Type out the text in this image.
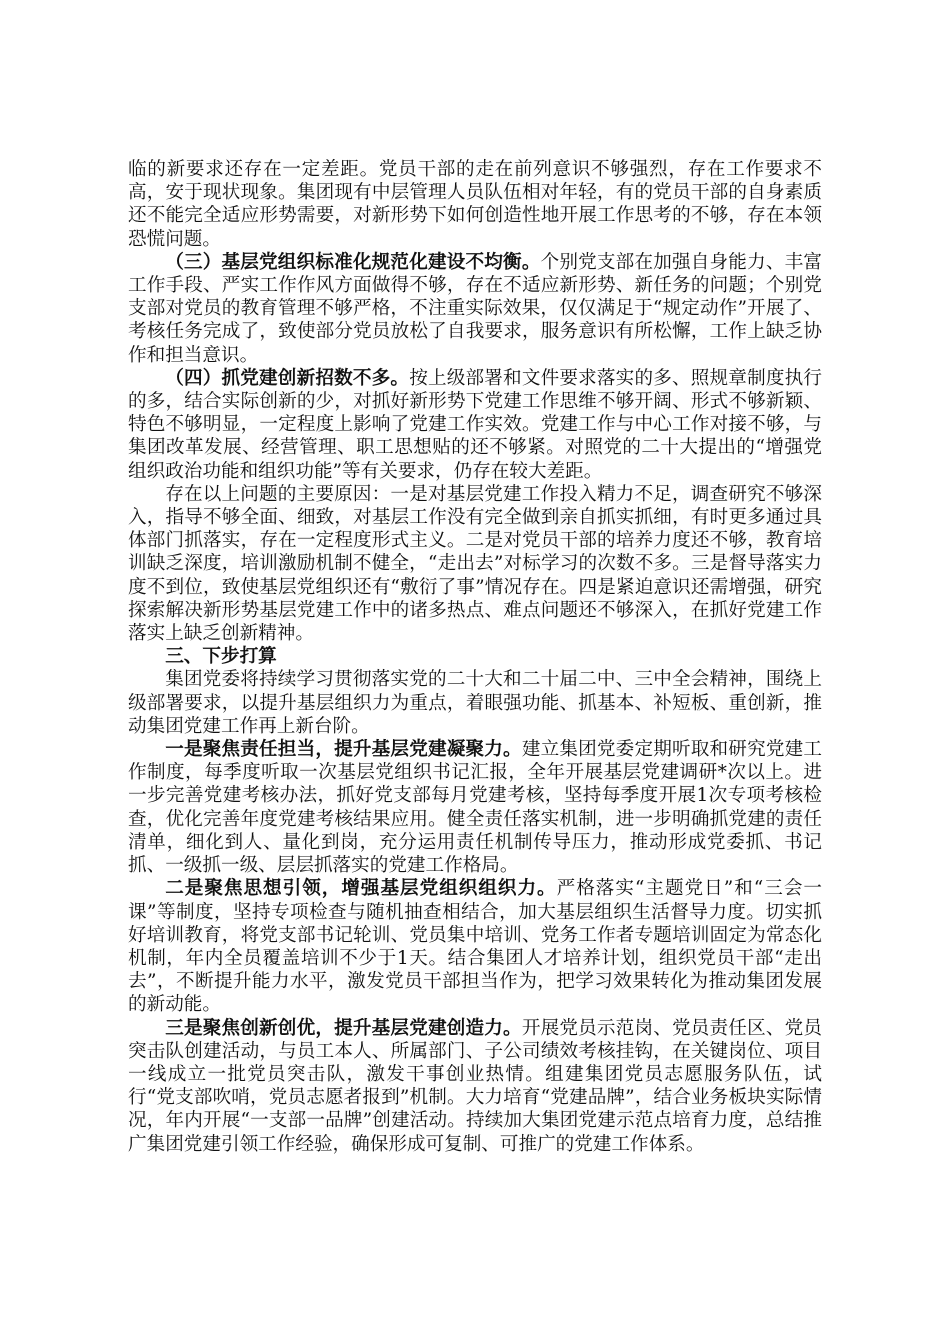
临的新要求还存在一定差距。党员干部的走在前列意识不够强烈，存在工作要求不高，安于现状现象。集团现有中层管理人员队伍相对年轻，有的党员干部的自身素质还不能完全适应形势需要，对新形势下如何创造性地开展工作思考的不够，存在本领恐慌问题。

（三）基层党组织标准化规范化建设不均衡。个别党支部在加强自身能力、丰富工作手段、严实工作作风方面做得不够，存在不适应新形势、新任务的问题；个别党支部对党员的教育管理不够严格，不注重实际效果，仅仅满足于“规定动作”开展了、考核任务完成了，致使部分党员放松了自我要求，服务意识有所松懈，工作上缺乏协作和担当意识。

（四）抓党建创新招数不多。按上级部署和文件要求落实的多、照规章制度执行的多，结合实际创新的少，对抓好新形势下党建工作思维不够开阔、形式不够新颖、特色不够明显，一定程度上影响了党建工作实效。党建工作与中心工作对接不够，与集团改革发展、经营管理、职工思想贴的还不够紧。对照党的二十大提出的“增强党组织政治功能和组织功能”等有关要求，仍存在较大差距。

存在以上问题的主要原因：一是对基层党建工作投入精力不足，调查研究不够深入，指导不够全面、细致，对基层工作没有完全做到亲自抓实抓细，有时更多通过具体部门抓落实，存在一定程度形式主义。二是对党员干部的培养力度还不够，教育培训缺乏深度，培训激励机制不健全，“走出去”对标学习的次数不多。三是督导落实力度不到位，致使基层党组织还有“敷衍了事”情况存在。四是紧迫意识还需增强，研究探索解决新形势基层党建工作中的诸多热点、难点问题还不够深入，在抓好党建工作落实上缺乏创新精神。

三、下步打算

集团党委将持续学习贯彻落实党的二十大和二十届二中、三中全会精神，围绕上级部署要求，以提升基层组织力为重点，着眼强功能、抓基本、补短板、重创新，推动集团党建工作再上新台阶。

一是聚焦责任担当，提升基层党建凝聚力。建立集团党委定期听取和研究党建工作制度，每季度听取一次基层党组织书记汇报，全年开展基层党建调研*次以上。进一步完善党建考核办法，抓好党支部每月党建考核，坚持每季度开展1次专项考核检查，优化完善年度党建考核结果应用。健全责任落实机制，进一步明确抓党建的责任清单，细化到人、量化到岗，充分运用责任机制传导压力，推动形成党委抓、书记抓、一级抓一级、层层抓落实的党建工作格局。

二是聚焦思想引领，增强基层党组织组织力。严格落实“主题党日”和“三会一课”等制度，坚持专项检查与随机抽查相结合，加大基层组织生活督导力度。切实抓好培训教育，将党支部书记轮训、党员集中培训、党务工作者专题培训固定为常态化机制，年内全员覆盖培训不少于1天。结合集团人才培养计划，组织党员干部“走出去”，不断提升能力水平，激发党员干部担当作为，把学习效果转化为推动集团发展的新动能。

三是聚焦创新创优，提升基层党建创造力。开展党员示范岗、党员责任区、党员突击队创建活动，与员工本人、所属部门、子公司绩效考核挂钩，在关键岗位、项目一线成立一批党员突击队，激发干事创业热情。组建集团党员志愿服务队伍，试行“党支部吹哨，党员志愿者报到”机制。大力培育“党建品牌”，结合业务板块实际情况，年内开展“一支部一品牌”创建活动。持续加大集团党建示范点培育力度，总结推广集团党建引领工作经验，确保形成可复制、可推广的党建工作体系。
